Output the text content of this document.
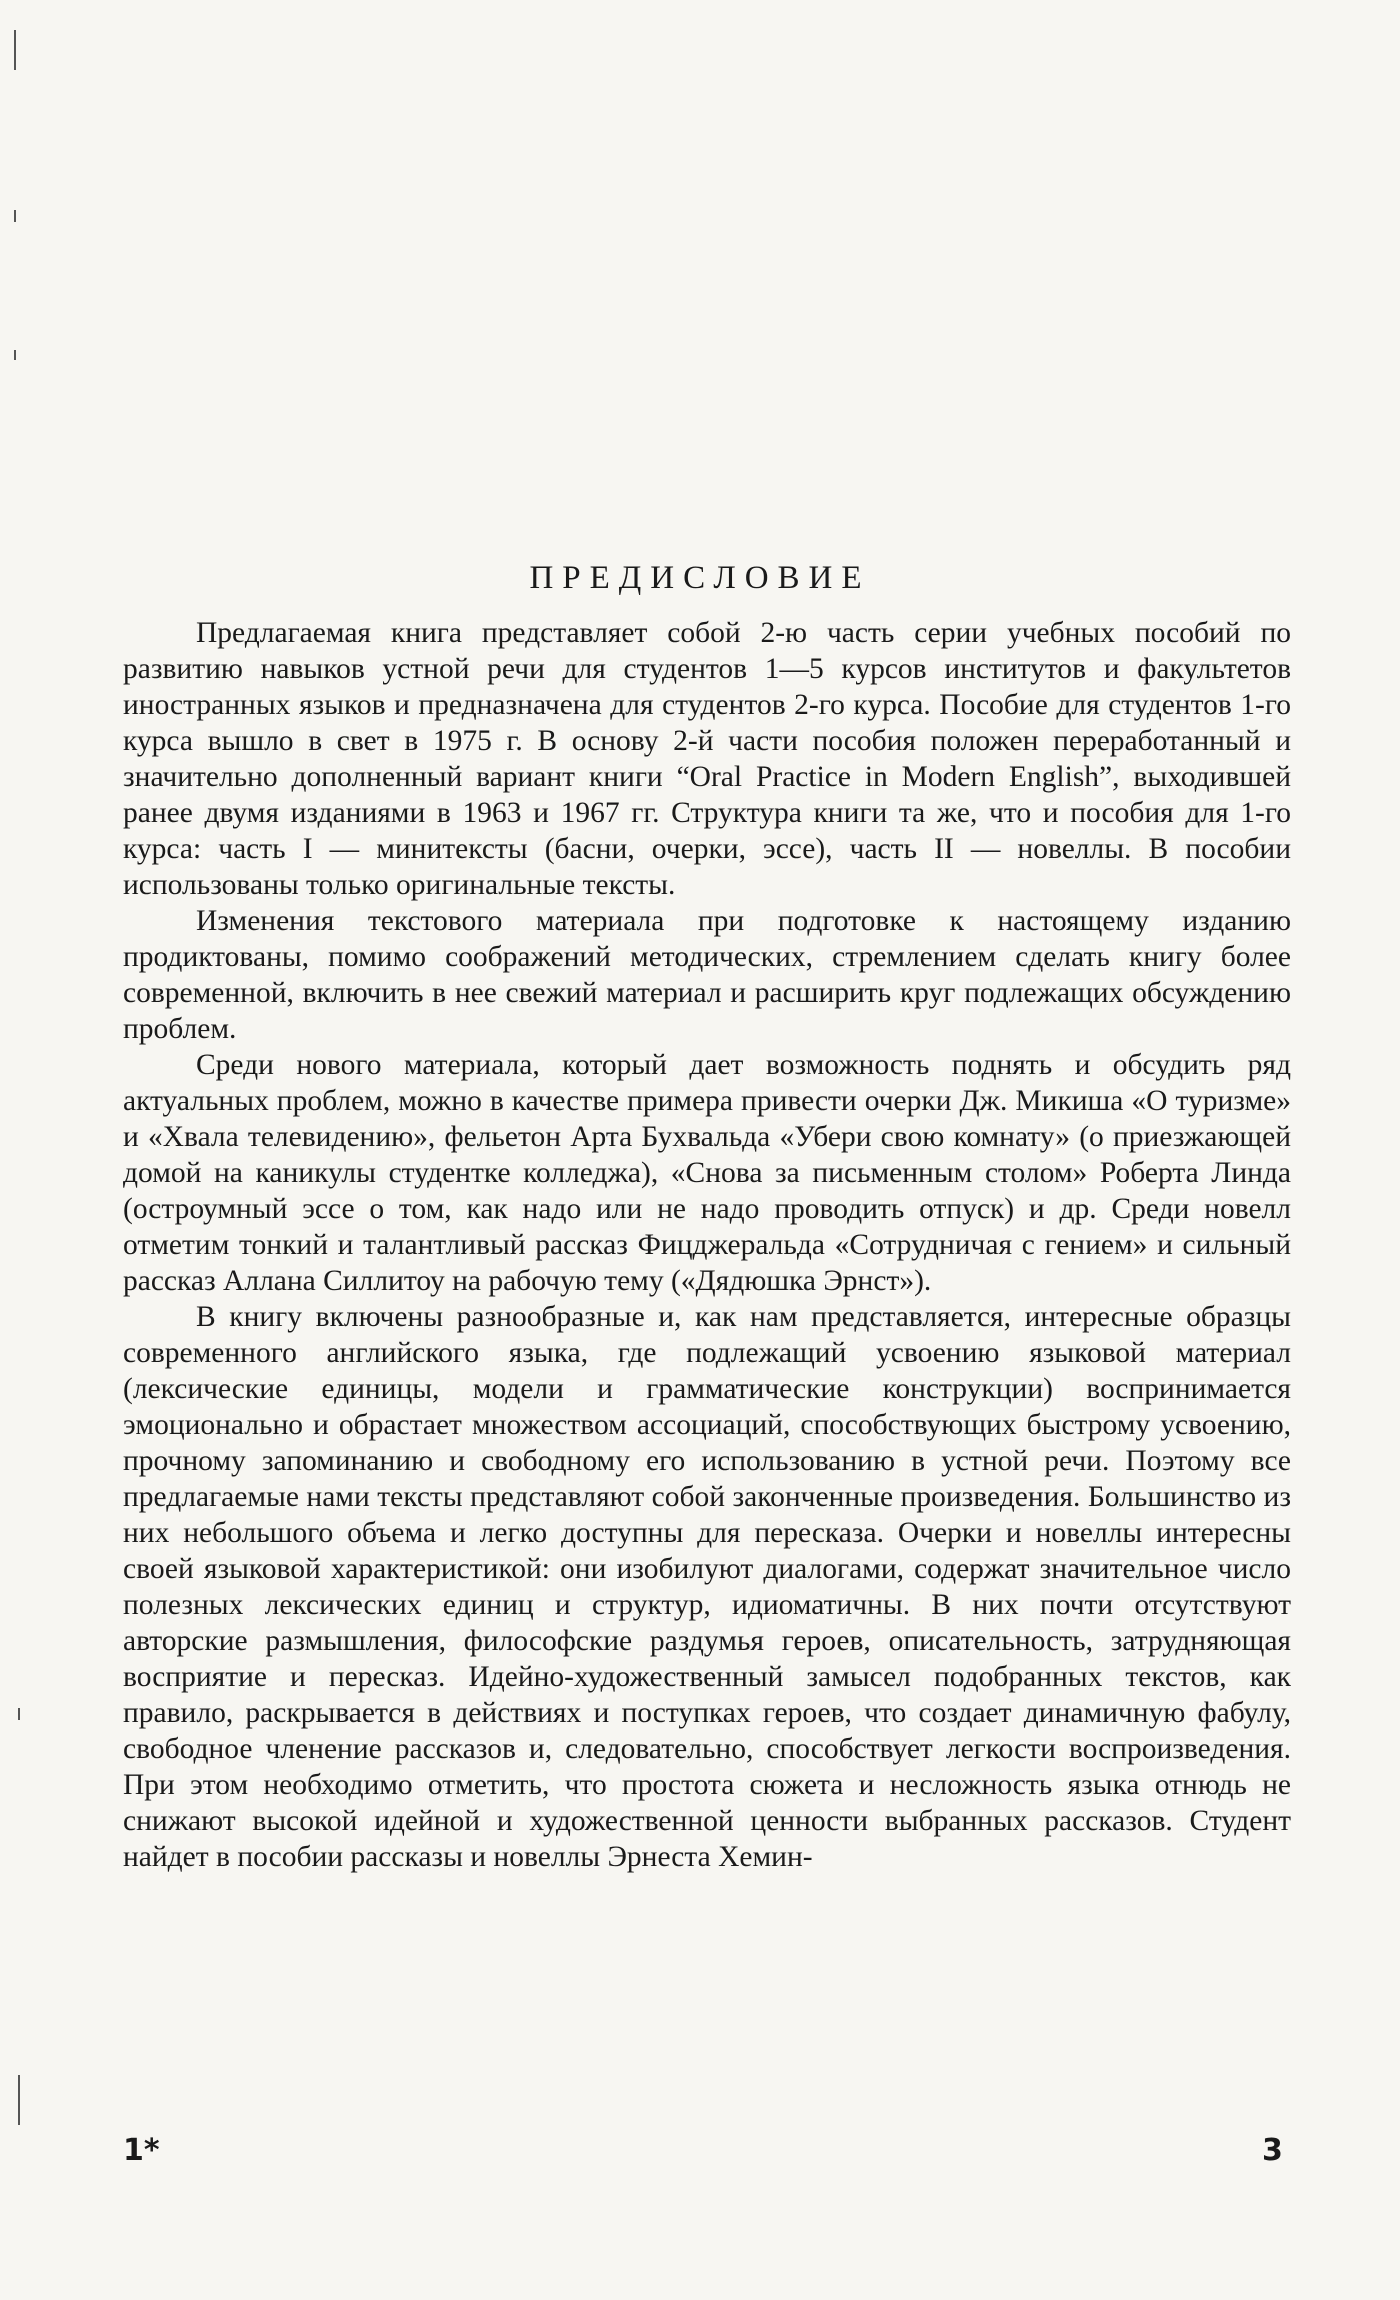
ПРЕДИСЛОВИЕ

Предлагаемая книга представляет собой 2-ю часть серии учебных пособий по развитию навыков устной речи для студентов 1—5 курсов институтов и факультетов иностранных языков и предназначена для студентов 2-го курса. Пособие для студентов 1-го курса вышло в свет в 1975 г. В основу 2-й части пособия положен переработанный и значительно дополненный вариант книги “Oral Practice in Modern English”, выходившей ранее двумя изданиями в 1963 и 1967 гг. Структура книги та же, что и пособия для 1-го курса: часть I — минитексты (басни, очерки, эссе), часть II — новеллы. В пособии использованы только оригинальные тексты.

Изменения текстового материала при подготовке к настоящему изданию продиктованы, помимо соображений методических, стремлением сделать книгу более современной, включить в нее свежий материал и расширить круг подлежащих обсуждению проблем.

Среди нового материала, который дает возможность поднять и обсудить ряд актуальных проблем, можно в качестве примера привести очерки Дж. Микиша «О туризме» и «Хвала телевидению», фельетон Арта Бухвальда «Убери свою комнату» (о приезжающей домой на каникулы студентке колледжа), «Снова за письменным столом» Роберта Линда (остроумный эссе о том, как надо или не надо проводить отпуск) и др. Среди новелл отметим тонкий и талантливый рассказ Фицджеральда «Сотрудничая с гением» и сильный рассказ Аллана Силлитоу на рабочую тему («Дядюшка Эрнст»).

В книгу включены разнообразные и, как нам представляется, интересные образцы современного английского языка, где подлежащий усвоению языковой материал (лексические единицы, модели и грамматические конструкции) воспринимается эмоционально и обрастает множеством ассоциаций, способствующих быстрому усвоению, прочному запоминанию и свободному его использованию в устной речи. Поэтому все предлагаемые нами тексты представляют собой законченные произведения. Большинство из них небольшого объема и легко доступны для пересказа. Очерки и новеллы интересны своей языковой характеристикой: они изобилуют диалогами, содержат значительное число полезных лексических единиц и структур, идиоматичны. В них почти отсутствуют авторские размышления, философские раздумья героев, описательность, затрудняющая восприятие и пересказ. Идейно-художественный замысел подобранных текстов, как правило, раскрывается в действиях и поступках героев, что создает динамичную фабулу, свободное членение рассказов и, следовательно, способствует легкости воспроизведения. При этом необходимо отметить, что простота сюжета и несложность языка отнюдь не снижают высокой идейной и художественной ценности выбранных рассказов. Студент найдет в пособии рассказы и новеллы Эрнеста Хемин-

1*	3
